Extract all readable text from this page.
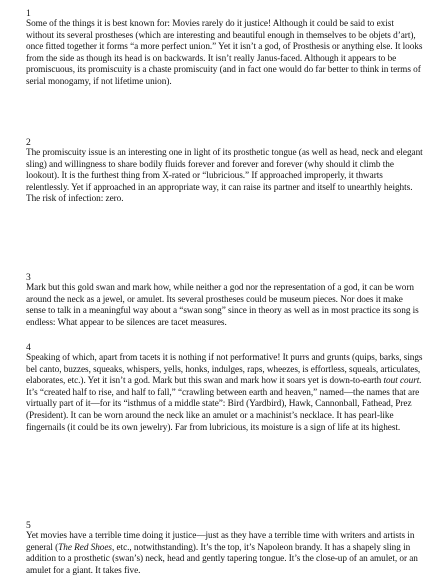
1

Some of the things it is best known for: Movies rarely do it justice! Although it could be said to exist without its several prostheses (which are interesting and beautiful enough in themselves to be objets d’art), once fitted together it forms “a more perfect union.” Yet it isn’t a god, of Prosthesis or anything else. It looks from the side as though its head is on backwards. It isn’t really Janus-faced. Although it appears to be promiscuous, its promiscuity is a chaste promiscuity (and in fact one would do far better to think in terms of serial monogamy, if not lifetime union).

2

The promiscuity issue is an interesting one in light of its prosthetic tongue (as well as head, neck and elegant sling) and willingness to share bodily fluids forever and forever and forever (why should it climb the lookout). It is the furthest thing from X-rated or “lubricious.” If approached improperly, it thwarts relentlessly. Yet if approached in an appropriate way, it can raise its partner and itself to unearthly heights. The risk of infection: zero.

3

Mark but this gold swan and mark how, while neither a god nor the representation of a god, it can be worn around the neck as a jewel, or amulet. Its several prostheses could be museum pieces. Nor does it make sense to talk in a meaningful way about a “swan song” since in theory as well as in most practice its song is endless: What appear to be silences are tacet measures.

4

Speaking of which, apart from tacets it is nothing if not performative! It purrs and grunts (quips, barks, sings bel canto, buzzes, squeaks, whispers, yells, honks, indulges, raps, wheezes, is effortless, squeals, articulates, elaborates, etc.). Yet it isn’t a god. Mark but this swan and mark how it soars yet is down-to-earth tout court. It’s “created half to rise, and half to fall,” “crawling between earth and heaven,” named—the names that are virtually part of it—for its “isthmus of a middle state”: Bird (Yardbird), Hawk, Cannonball, Fathead, Prez (President). It can be worn around the neck like an amulet or a machinist’s necklace. It has pearl-like fingernails (it could be its own jewelry). Far from lubricious, its moisture is a sign of life at its highest.

5

Yet movies have a terrible time doing it justice—just as they have a terrible time with writers and artists in general (The Red Shoes, etc., notwithstanding). It’s the top, it’s Napoleon brandy. It has a shapely sling in addition to a prosthetic (swan’s) neck, head and gently tapering tongue. It’s the close-up of an amulet, or an amulet for a giant. It takes five.
